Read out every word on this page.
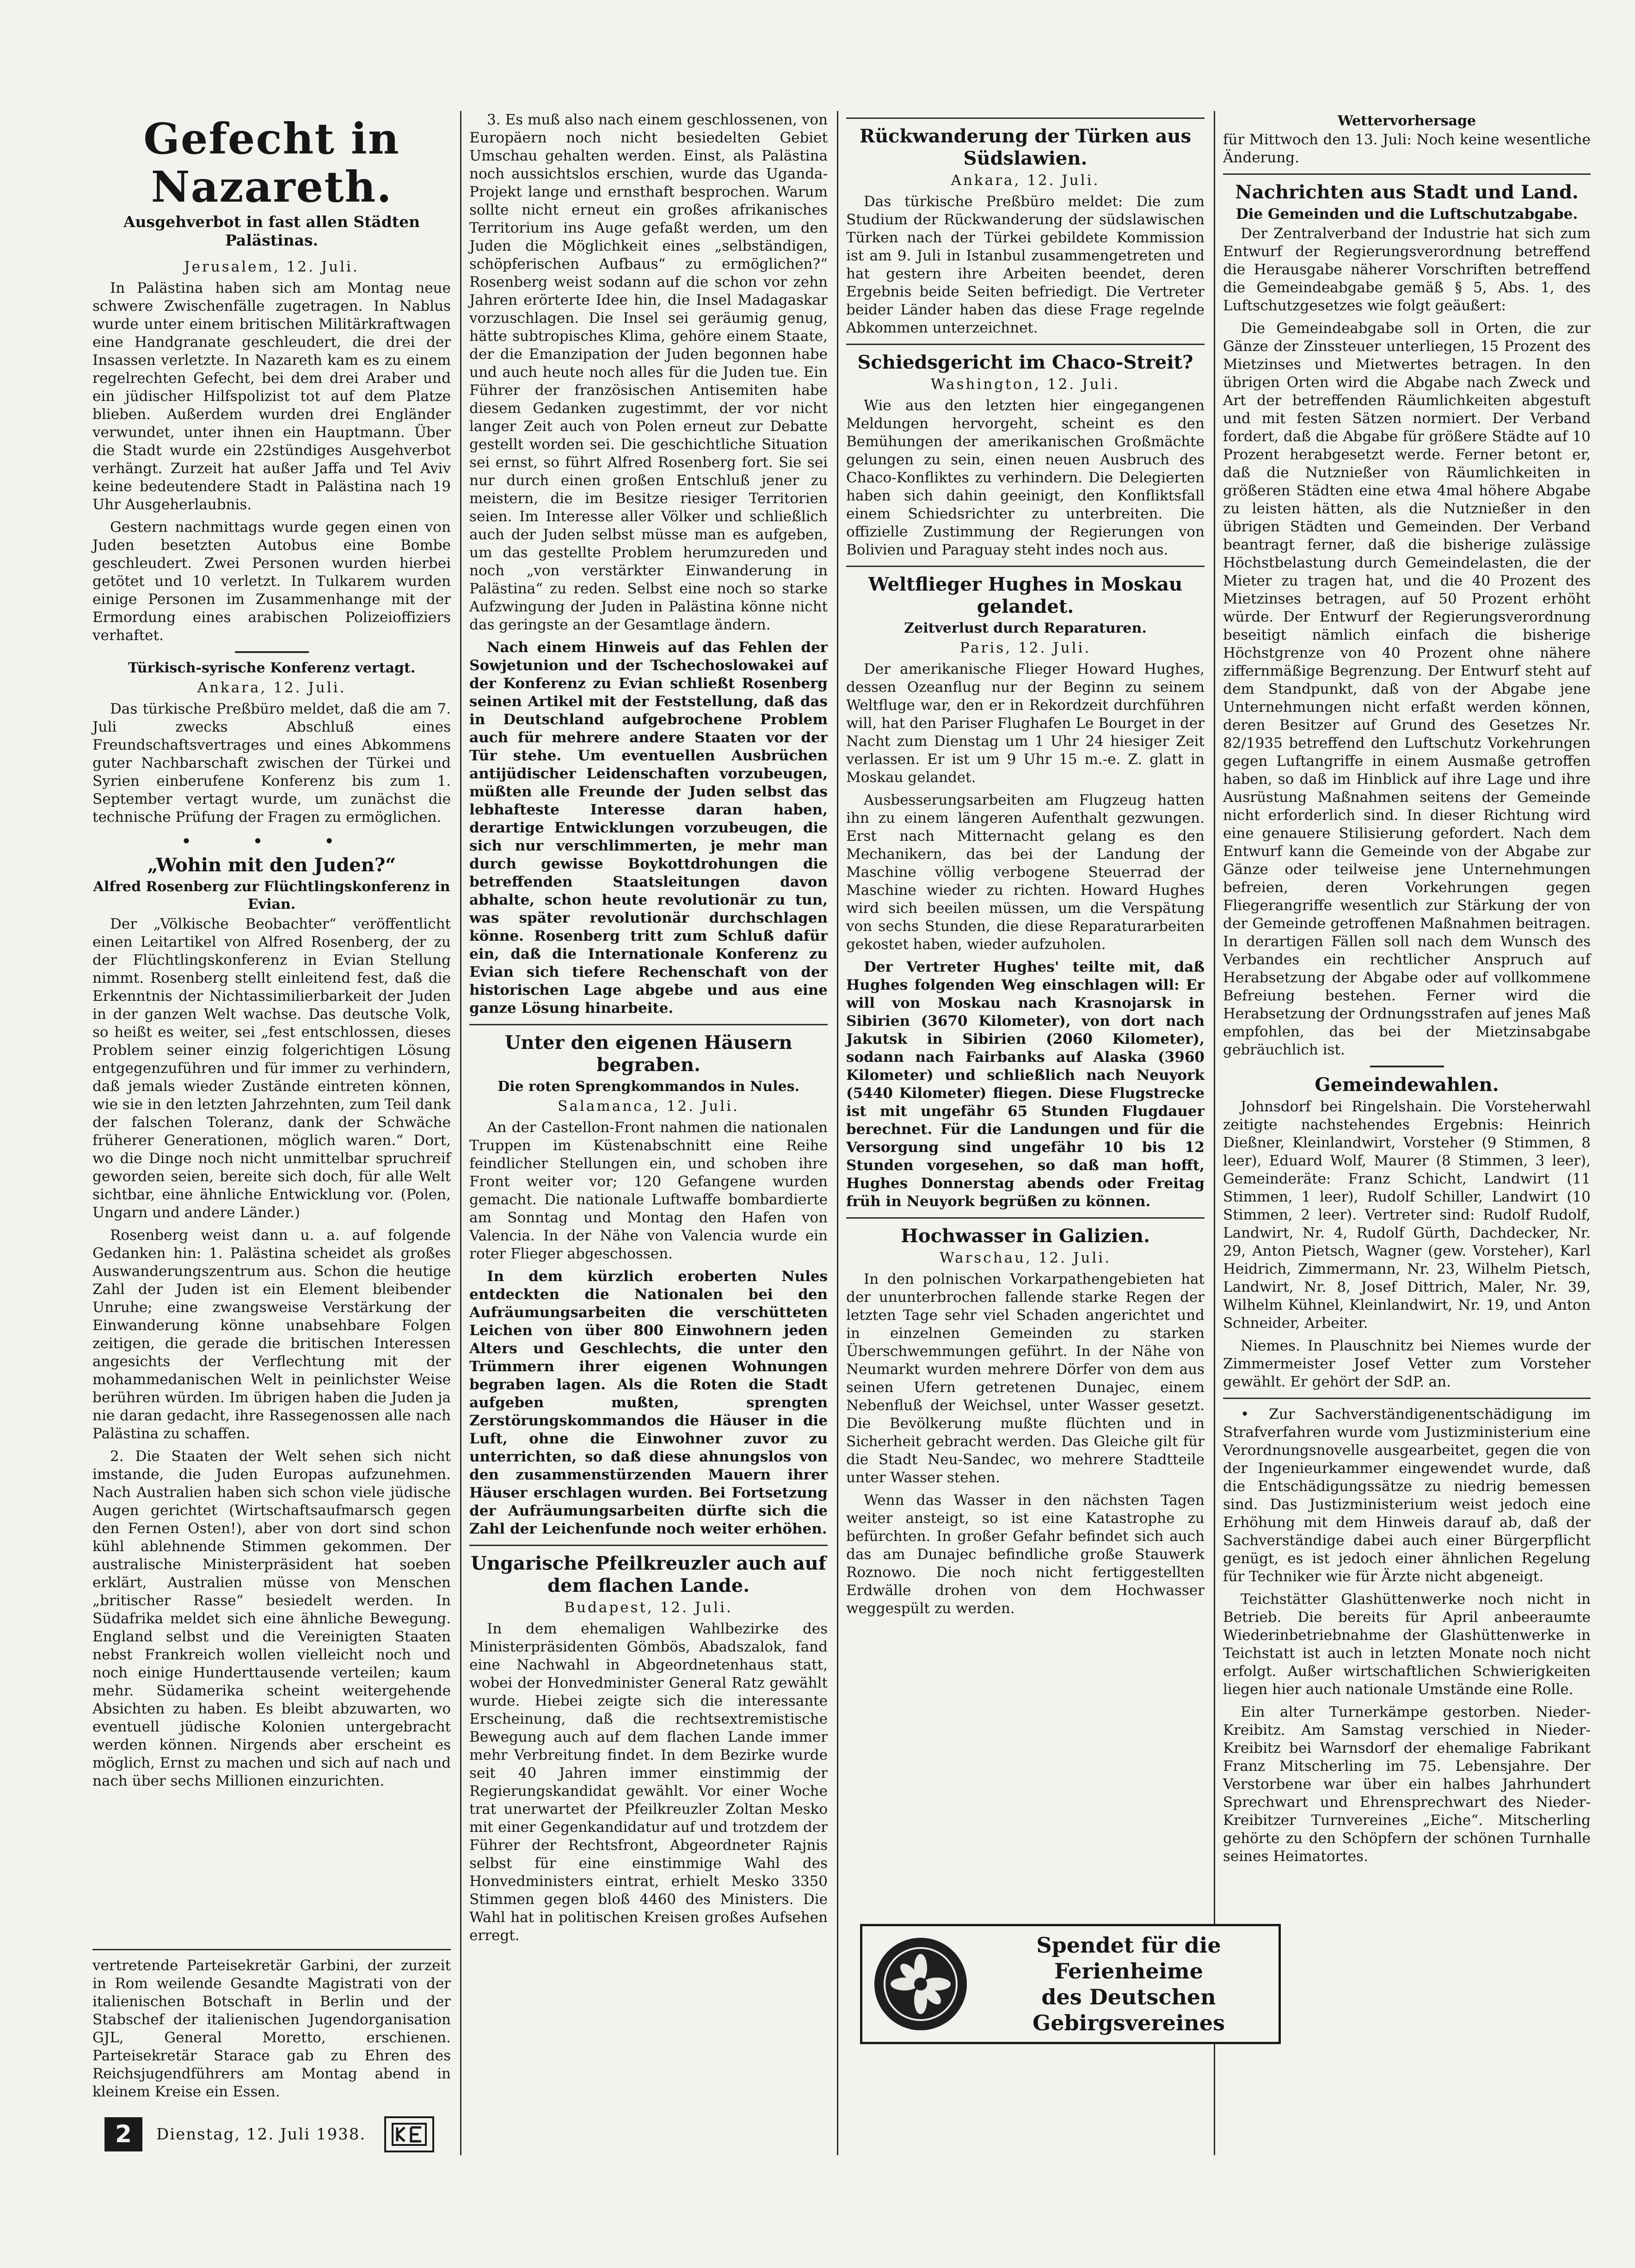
Gefecht in Nazareth.
Ausgehverbot in fast allen Städten Palästinas.
Jerusalem, 12. Juli.

In Palästina haben sich am Montag neue schwere Zwischenfälle zugetragen. In Nablus wurde unter einem britischen Militärkraftwagen eine Handgranate geschleudert, die drei der Insassen verletzte. In Nazareth kam es zu einem regelrechten Gefecht, bei dem drei Araber und ein jüdischer Hilfspolizist tot auf dem Platze blieben. Außerdem wurden drei Engländer verwundet, unter ihnen ein Hauptmann. Über die Stadt wurde ein 22stündiges Ausgehverbot verhängt. Zurzeit hat außer Jaffa und Tel Aviv keine bedeutendere Stadt in Palästina nach 19 Uhr Ausgeherlaubnis.

Gestern nachmittags wurde gegen einen von Juden besetzten Autobus eine Bombe geschleudert. Zwei Personen wurden hierbei getötet und 10 verletzt. In Tulkarem wurden einige Personen im Zusammenhange mit der Ermordung eines arabischen Polizeioffiziers verhaftet.

Türkisch-syrische Konferenz vertagt.
Ankara, 12. Juli.

Das türkische Preßbüro meldet, daß die am 7. Juli zwecks Abschluß eines Freundschaftsvertrages und eines Abkommens guter Nachbarschaft zwischen der Türkei und Syrien einberufene Konferenz bis zum 1. September vertagt wurde, um zunächst die technische Prüfung der Fragen zu ermöglichen.

• • •
„Wohin mit den Juden?“
Alfred Rosenberg zur Flüchtlingskonferenz in Evian.

Der „Völkische Beobachter“ veröffentlicht einen Leitartikel von Alfred Rosenberg, der zu der Flüchtlingskonferenz in Evian Stellung nimmt. Rosenberg stellt einleitend fest, daß die Erkenntnis der Nichtassimilierbarkeit der Juden in der ganzen Welt wachse. Das deutsche Volk, so heißt es weiter, sei „fest entschlossen, dieses Problem seiner einzig folgerichtigen Lösung entgegenzuführen und für immer zu verhindern, daß jemals wieder Zustände eintreten können, wie sie in den letzten Jahrzehnten, zum Teil dank der falschen Toleranz, dank der Schwäche früherer Generationen, möglich waren.“ Dort, wo die Dinge noch nicht unmittelbar spruchreif geworden seien, bereite sich doch, für alle Welt sichtbar, eine ähnliche Entwicklung vor. (Polen, Ungarn und andere Länder.)

Rosenberg weist dann u. a. auf folgende Gedanken hin: 1. Palästina scheidet als großes Auswanderungszentrum aus. Schon die heutige Zahl der Juden ist ein Element bleibender Unruhe; eine zwangsweise Verstärkung der Einwanderung könne unabsehbare Folgen zeitigen, die gerade die britischen Interessen angesichts der Verflechtung mit der mohammedanischen Welt in peinlichster Weise berühren würden. Im übrigen haben die Juden ja nie daran gedacht, ihre Rassegenossen alle nach Palästina zu schaffen.

2. Die Staaten der Welt sehen sich nicht imstande, die Juden Europas aufzunehmen. Nach Australien haben sich schon viele jüdische Augen gerichtet (Wirtschaftsaufmarsch gegen den Fernen Osten!), aber von dort sind schon kühl ablehnende Stimmen gekommen. Der australische Ministerpräsident hat soeben erklärt, Australien müsse von Menschen „britischer Rasse“ besiedelt werden. In Südafrika meldet sich eine ähnliche Bewegung. England selbst und die Vereinigten Staaten nebst Frankreich wollen vielleicht noch und noch einige Hunderttausende verteilen; kaum mehr. Südamerika scheint weitergehende Absichten zu haben. Es bleibt abzuwarten, wo eventuell jüdische Kolonien untergebracht werden können. Nirgends aber erscheint es möglich, Ernst zu machen und sich auf nach und nach über sechs Millionen einzurichten.

3. Es muß also nach einem geschlossenen, von Europäern noch nicht besiedelten Gebiet Umschau gehalten werden. Einst, als Palästina noch aussichtslos erschien, wurde das Uganda-Projekt lange und ernsthaft besprochen. Warum sollte nicht erneut ein großes afrikanisches Territorium ins Auge gefaßt werden, um den Juden die Möglichkeit eines „selbständigen, schöpferischen Aufbaus“ zu ermöglichen?“ Rosenberg weist sodann auf die schon vor zehn Jahren erörterte Idee hin, die Insel Madagaskar vorzuschlagen. Die Insel sei geräumig genug, hätte subtropisches Klima, gehöre einem Staate, der die Emanzipation der Juden begonnen habe und auch heute noch alles für die Juden tue. Ein Führer der französischen Antisemiten habe diesem Gedanken zugestimmt, der vor nicht langer Zeit auch von Polen erneut zur Debatte gestellt worden sei. Die geschichtliche Situation sei ernst, so führt Alfred Rosenberg fort. Sie sei nur durch einen großen Entschluß jener zu meistern, die im Besitze riesiger Territorien seien. Im Interesse aller Völker und schließlich auch der Juden selbst müsse man es aufgeben, um das gestellte Problem herumzureden und noch „von verstärkter Einwanderung in Palästina“ zu reden. Selbst eine noch so starke Aufzwingung der Juden in Palästina könne nicht das geringste an der Gesamtlage ändern.

Nach einem Hinweis auf das Fehlen der Sowjetunion und der Tschechoslowakei auf der Konferenz zu Evian schließt Rosenberg seinen Artikel mit der Feststellung, daß das in Deutschland aufgebrochene Problem auch für mehrere andere Staaten vor der Tür stehe. Um eventuellen Ausbrüchen antijüdischer Leidenschaften vorzubeugen, müßten alle Freunde der Juden selbst das lebhafteste Interesse daran haben, derartige Entwicklungen vorzubeugen, die sich nur verschlimmerten, je mehr man durch gewisse Boykottdrohungen die betreffenden Staatsleitungen davon abhalte, schon heute revolutionär zu tun, was später revolutionär durchschlagen könne. Rosenberg tritt zum Schluß dafür ein, daß die Internationale Konferenz zu Evian sich tiefere Rechenschaft von der historischen Lage abgebe und aus eine ganze Lösung hinarbeite.

Unter den eigenen Häusern begraben.
Die roten Sprengkommandos in Nules.
Salamanca, 12. Juli.

An der Castellon-Front nahmen die nationalen Truppen im Küstenabschnitt eine Reihe feindlicher Stellungen ein, und schoben ihre Front weiter vor; 120 Gefangene wurden gemacht. Die nationale Luftwaffe bombardierte am Sonntag und Montag den Hafen von Valencia. In der Nähe von Valencia wurde ein roter Flieger abgeschossen.

In dem kürzlich eroberten Nules entdeckten die Nationalen bei den Aufräumungsarbeiten die verschütteten Leichen von über 800 Einwohnern jeden Alters und Geschlechts, die unter den Trümmern ihrer eigenen Wohnungen begraben lagen. Als die Roten die Stadt aufgeben mußten, sprengten Zerstörungskommandos die Häuser in die Luft, ohne die Einwohner zuvor zu unterrichten, so daß diese ahnungslos von den zusammenstürzenden Mauern ihrer Häuser erschlagen wurden. Bei Fortsetzung der Aufräumungsarbeiten dürfte sich die Zahl der Leichenfunde noch weiter erhöhen.

Ungarische Pfeilkreuzler auch auf dem flachen Lande.
Budapest, 12. Juli.

In dem ehemaligen Wahlbezirke des Ministerpräsidenten Gömbös, Abadszalok, fand eine Nachwahl in Abgeordnetenhaus statt, wobei der Honvedminister General Ratz gewählt wurde. Hiebei zeigte sich die interessante Erscheinung, daß die rechtsextremistische Bewegung auch auf dem flachen Lande immer mehr Verbreitung findet. In dem Bezirke wurde seit 40 Jahren immer einstimmig der Regierungskandidat gewählt. Vor einer Woche trat unerwartet der Pfeilkreuzler Zoltan Mesko mit einer Gegenkandidatur auf und trotzdem der Führer der Rechtsfront, Abgeordneter Rajnis selbst für eine einstimmige Wahl des Honvedministers eintrat, erhielt Mesko 3350 Stimmen gegen bloß 4460 des Ministers. Die Wahl hat in politischen Kreisen großes Aufsehen erregt.

vertretende Parteisekretär Garbini, der zurzeit in Rom weilende Gesandte Magistrati von der italienischen Botschaft in Berlin und der Stabschef der italienischen Jugendorganisation GJL, General Moretto, erschienen. Parteisekretär Starace gab zu Ehren des Reichsjugendführers am Montag abend in kleinem Kreise ein Essen.

Rückwanderung der Türken aus Südslawien.
Ankara, 12. Juli.

Das türkische Preßbüro meldet: Die zum Studium der Rückwanderung der südslawischen Türken nach der Türkei gebildete Kommission ist am 9. Juli in Istanbul zusammengetreten und hat gestern ihre Arbeiten beendet, deren Ergebnis beide Seiten befriedigt. Die Vertreter beider Länder haben das diese Frage regelnde Abkommen unterzeichnet.

Schiedsgericht im Chaco-Streit?
Washington, 12. Juli.

Wie aus den letzten hier eingegangenen Meldungen hervorgeht, scheint es den Bemühungen der amerikanischen Großmächte gelungen zu sein, einen neuen Ausbruch des Chaco-Konfliktes zu verhindern. Die Delegierten haben sich dahin geeinigt, den Konfliktsfall einem Schiedsrichter zu unterbreiten. Die offizielle Zustimmung der Regierungen von Bolivien und Paraguay steht indes noch aus.

Weltflieger Hughes in Moskau gelandet.
Zeitverlust durch Reparaturen.
Paris, 12. Juli.

Der amerikanische Flieger Howard Hughes, dessen Ozeanflug nur der Beginn zu seinem Weltfluge war, den er in Rekordzeit durchführen will, hat den Pariser Flughafen Le Bourget in der Nacht zum Dienstag um 1 Uhr 24 hiesiger Zeit verlassen. Er ist um 9 Uhr 15 m.-e. Z. glatt in Moskau gelandet.

Ausbesserungsarbeiten am Flugzeug hatten ihn zu einem längeren Aufenthalt gezwungen. Erst nach Mitternacht gelang es den Mechanikern, das bei der Landung der Maschine völlig verbogene Steuerrad der Maschine wieder zu richten. Howard Hughes wird sich beeilen müssen, um die Verspätung von sechs Stunden, die diese Reparaturarbeiten gekostet haben, wieder aufzuholen.

Der Vertreter Hughes' teilte mit, daß Hughes folgenden Weg einschlagen will: Er will von Moskau nach Krasnojarsk in Sibirien (3670 Kilometer), von dort nach Jakutsk in Sibirien (2060 Kilometer), sodann nach Fairbanks auf Alaska (3960 Kilometer) und schließlich nach Neuyork (5440 Kilometer) fliegen. Diese Flugstrecke ist mit ungefähr 65 Stunden Flugdauer berechnet. Für die Landungen und für die Versorgung sind ungefähr 10 bis 12 Stunden vorgesehen, so daß man hofft, Hughes Donnerstag abends oder Freitag früh in Neuyork begrüßen zu können.

Hochwasser in Galizien.
Warschau, 12. Juli.

In den polnischen Vorkarpathengebieten hat der ununterbrochen fallende starke Regen der letzten Tage sehr viel Schaden angerichtet und in einzelnen Gemeinden zu starken Überschwemmungen geführt. In der Nähe von Neumarkt wurden mehrere Dörfer von dem aus seinen Ufern getretenen Dunajec, einem Nebenfluß der Weichsel, unter Wasser gesetzt. Die Bevölkerung mußte flüchten und in Sicherheit gebracht werden. Das Gleiche gilt für die Stadt Neu-Sandec, wo mehrere Stadtteile unter Wasser stehen.

Wenn das Wasser in den nächsten Tagen weiter ansteigt, so ist eine Katastrophe zu befürchten. In großer Gefahr befindet sich auch das am Dunajec befindliche große Stauwerk Roznowo. Die noch nicht fertiggestellten Erdwälle drohen von dem Hochwasser weggespült zu werden.

Wettervorhersage

für Mittwoch den 13. Juli: Noch keine wesentliche Änderung.

Nachrichten aus Stadt und Land.
Die Gemeinden und die Luftschutzabgabe.

Der Zentralverband der Industrie hat sich zum Entwurf der Regierungsverordnung betreffend die Herausgabe näherer Vorschriften betreffend die Gemeindeabgabe gemäß § 5, Abs. 1, des Luftschutzgesetzes wie folgt geäußert:

Die Gemeindeabgabe soll in Orten, die zur Gänze der Zinssteuer unterliegen, 15 Prozent des Mietzinses und Mietwertes betragen. In den übrigen Orten wird die Abgabe nach Zweck und Art der betreffenden Räumlichkeiten abgestuft und mit festen Sätzen normiert. Der Verband fordert, daß die Abgabe für größere Städte auf 10 Prozent herabgesetzt werde. Ferner betont er, daß die Nutznießer von Räumlichkeiten in größeren Städten eine etwa 4mal höhere Abgabe zu leisten hätten, als die Nutznießer in den übrigen Städten und Gemeinden. Der Verband beantragt ferner, daß die bisherige zulässige Höchstbelastung durch Gemeindelasten, die der Mieter zu tragen hat, und die 40 Prozent des Mietzinses betragen, auf 50 Prozent erhöht würde. Der Entwurf der Regierungsverordnung beseitigt nämlich einfach die bisherige Höchstgrenze von 40 Prozent ohne nähere ziffernmäßige Begrenzung. Der Entwurf steht auf dem Standpunkt, daß von der Abgabe jene Unternehmungen nicht erfaßt werden können, deren Besitzer auf Grund des Gesetzes Nr. 82/1935 betreffend den Luftschutz Vorkehrungen gegen Luftangriffe in einem Ausmaße getroffen haben, so daß im Hinblick auf ihre Lage und ihre Ausrüstung Maßnahmen seitens der Gemeinde nicht erforderlich sind. In dieser Richtung wird eine genauere Stilisierung gefordert. Nach dem Entwurf kann die Gemeinde von der Abgabe zur Gänze oder teilweise jene Unternehmungen befreien, deren Vorkehrungen gegen Fliegerangriffe wesentlich zur Stärkung der von der Gemeinde getroffenen Maßnahmen beitragen. In derartigen Fällen soll nach dem Wunsch des Verbandes ein rechtlicher Anspruch auf Herabsetzung der Abgabe oder auf vollkommene Befreiung bestehen. Ferner wird die Herabsetzung der Ordnungsstrafen auf jenes Maß empfohlen, das bei der Mietzinsabgabe gebräuchlich ist.

Gemeindewahlen.

Johnsdorf bei Ringelshain. Die Vorsteherwahl zeitigte nachstehendes Ergebnis: Heinrich Dießner, Kleinlandwirt, Vorsteher (9 Stimmen, 8 leer), Eduard Wolf, Maurer (8 Stimmen, 3 leer), Gemeinderäte: Franz Schicht, Landwirt (11 Stimmen, 1 leer), Rudolf Schiller, Landwirt (10 Stimmen, 2 leer). Vertreter sind: Rudolf Rudolf, Landwirt, Nr. 4, Rudolf Gürth, Dachdecker, Nr. 29, Anton Pietsch, Wagner (gew. Vorsteher), Karl Heidrich, Zimmermann, Nr. 23, Wilhelm Pietsch, Landwirt, Nr. 8, Josef Dittrich, Maler, Nr. 39, Wilhelm Kühnel, Kleinlandwirt, Nr. 19, und Anton Schneider, Arbeiter.

Niemes. In Plauschnitz bei Niemes wurde der Zimmermeister Josef Vetter zum Vorsteher gewählt. Er gehört der SdP. an.

• Zur Sachverständigenentschädigung im Strafverfahren wurde vom Justizministerium eine Verordnungsnovelle ausgearbeitet, gegen die von der Ingenieurkammer eingewendet wurde, daß die Entschädigungssätze zu niedrig bemessen sind. Das Justizministerium weist jedoch eine Erhöhung mit dem Hinweis darauf ab, daß der Sachverständige dabei auch einer Bürgerpflicht genügt, es ist jedoch einer ähnlichen Regelung für Techniker wie für Ärzte nicht abgeneigt.

Teichstätter Glashüttenwerke noch nicht in Betrieb. Die bereits für April anbeeraumte Wiederinbetriebnahme der Glashüttenwerke in Teichstatt ist auch in letzten Monate noch nicht erfolgt. Außer wirtschaftlichen Schwierigkeiten liegen hier auch nationale Umstände eine Rolle.

Ein alter Turnerkämpe gestorben. Nieder-Kreibitz. Am Samstag verschied in Nieder-Kreibitz bei Warnsdorf der ehemalige Fabrikant Franz Mitscherling im 75. Lebensjahre. Der Verstorbene war über ein halbes Jahrhundert Sprechwart und Ehrensprechwart des Nieder-Kreibitzer Turnvereines „Eiche“. Mitscherling gehörte zu den Schöpfern der schönen Turnhalle seines Heimatortes.

Spendet für die
Ferienheime
des Deutschen
Gebirgsvereines
2	Dienstag, 12. Juli 1938.
